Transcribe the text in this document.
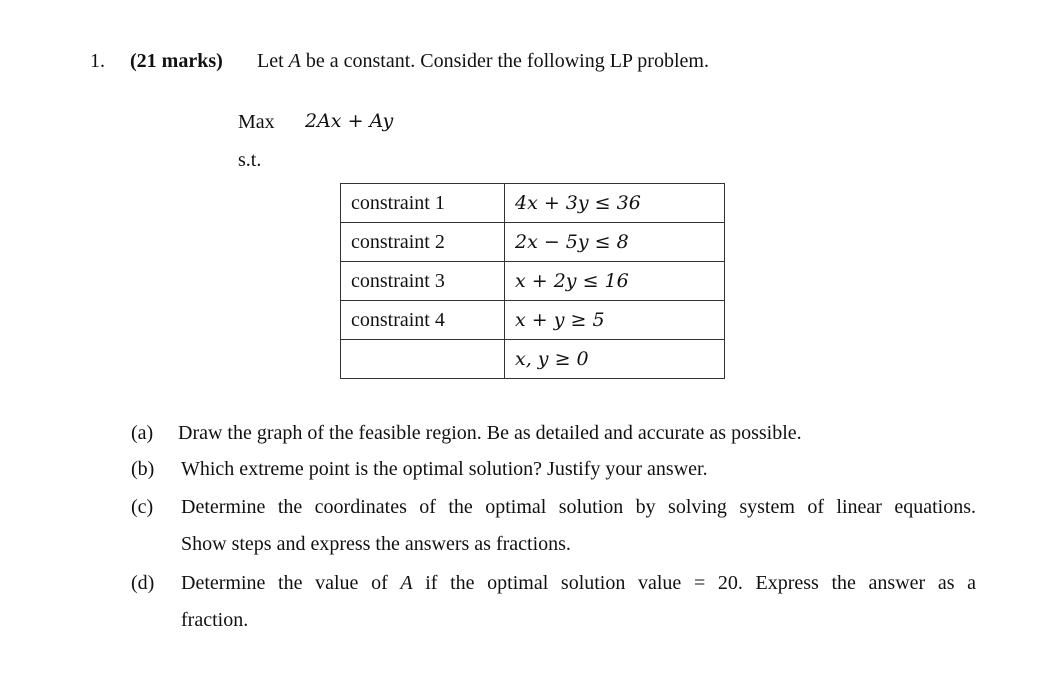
1. (21 marks) Let A be a constant. Consider the following LP problem.
Max 2Ax + Ay
s.t.
constraint 1	4x + 3y ≤ 36
constraint 2	2x − 5y ≤ 8
constraint 3	x + 2y ≤ 16
constraint 4	x + y ≥ 5
	x, y ≥ 0
(a) Draw the graph of the feasible region. Be as detailed and accurate as possible.
(b) Which extreme point is the optimal solution? Justify your answer.
(c) Determine the coordinates of the optimal solution by solving system of linear equations.
Show steps and express the answers as fractions.
(d) Determine the value of A if the optimal solution value = 20. Express the answer as a
fraction.
